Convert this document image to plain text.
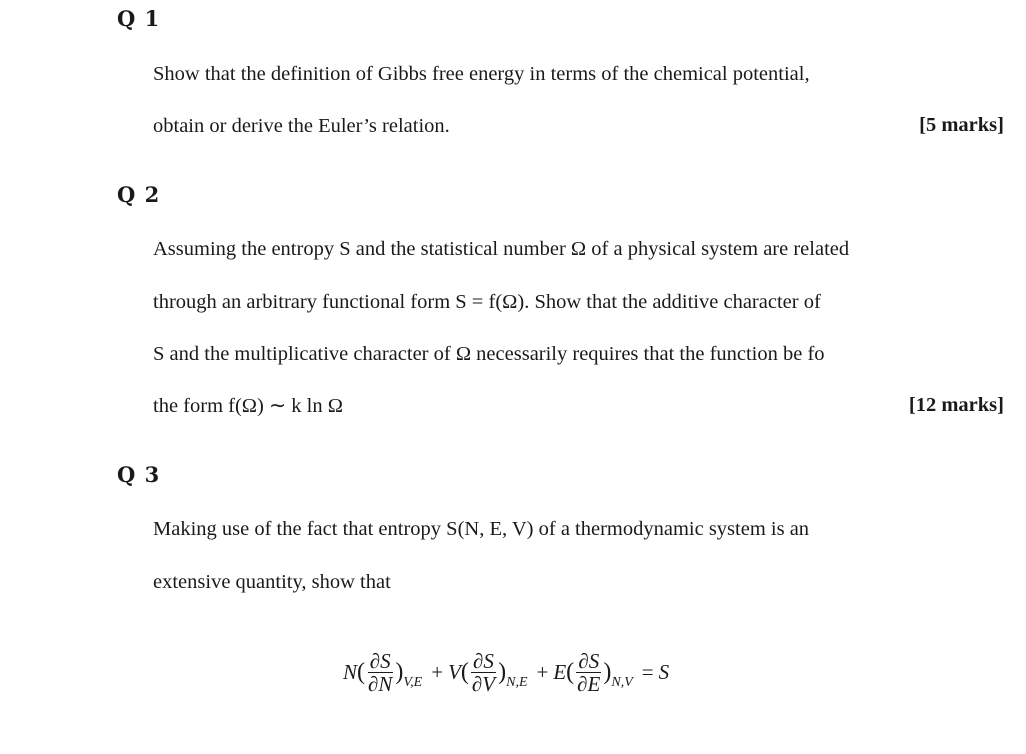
Q 1
Show that the definition of Gibbs free energy in terms of the chemical potential,
obtain or derive the Euler’s relation.	[5 marks]
Q 2
Assuming the entropy S and the statistical number Ω of a physical system are related
through an arbitrary functional form S = f(Ω). Show that the additive character of
S and the multiplicative character of Ω necessarily requires that the function be fo
the form f(Ω) ∼ k ln Ω	[12 marks]
Q 3
Making use of the fact that entropy S(N, E, V) of a thermodynamic system is an
extensive quantity, show that
N ( $\frac{\partial S}{\partial N}$ ) V,E + V ( $\frac{\partial S}{\partial V}$ ) N,E + E ( $\frac{\partial S}{\partial E}$ ) N,V = S
